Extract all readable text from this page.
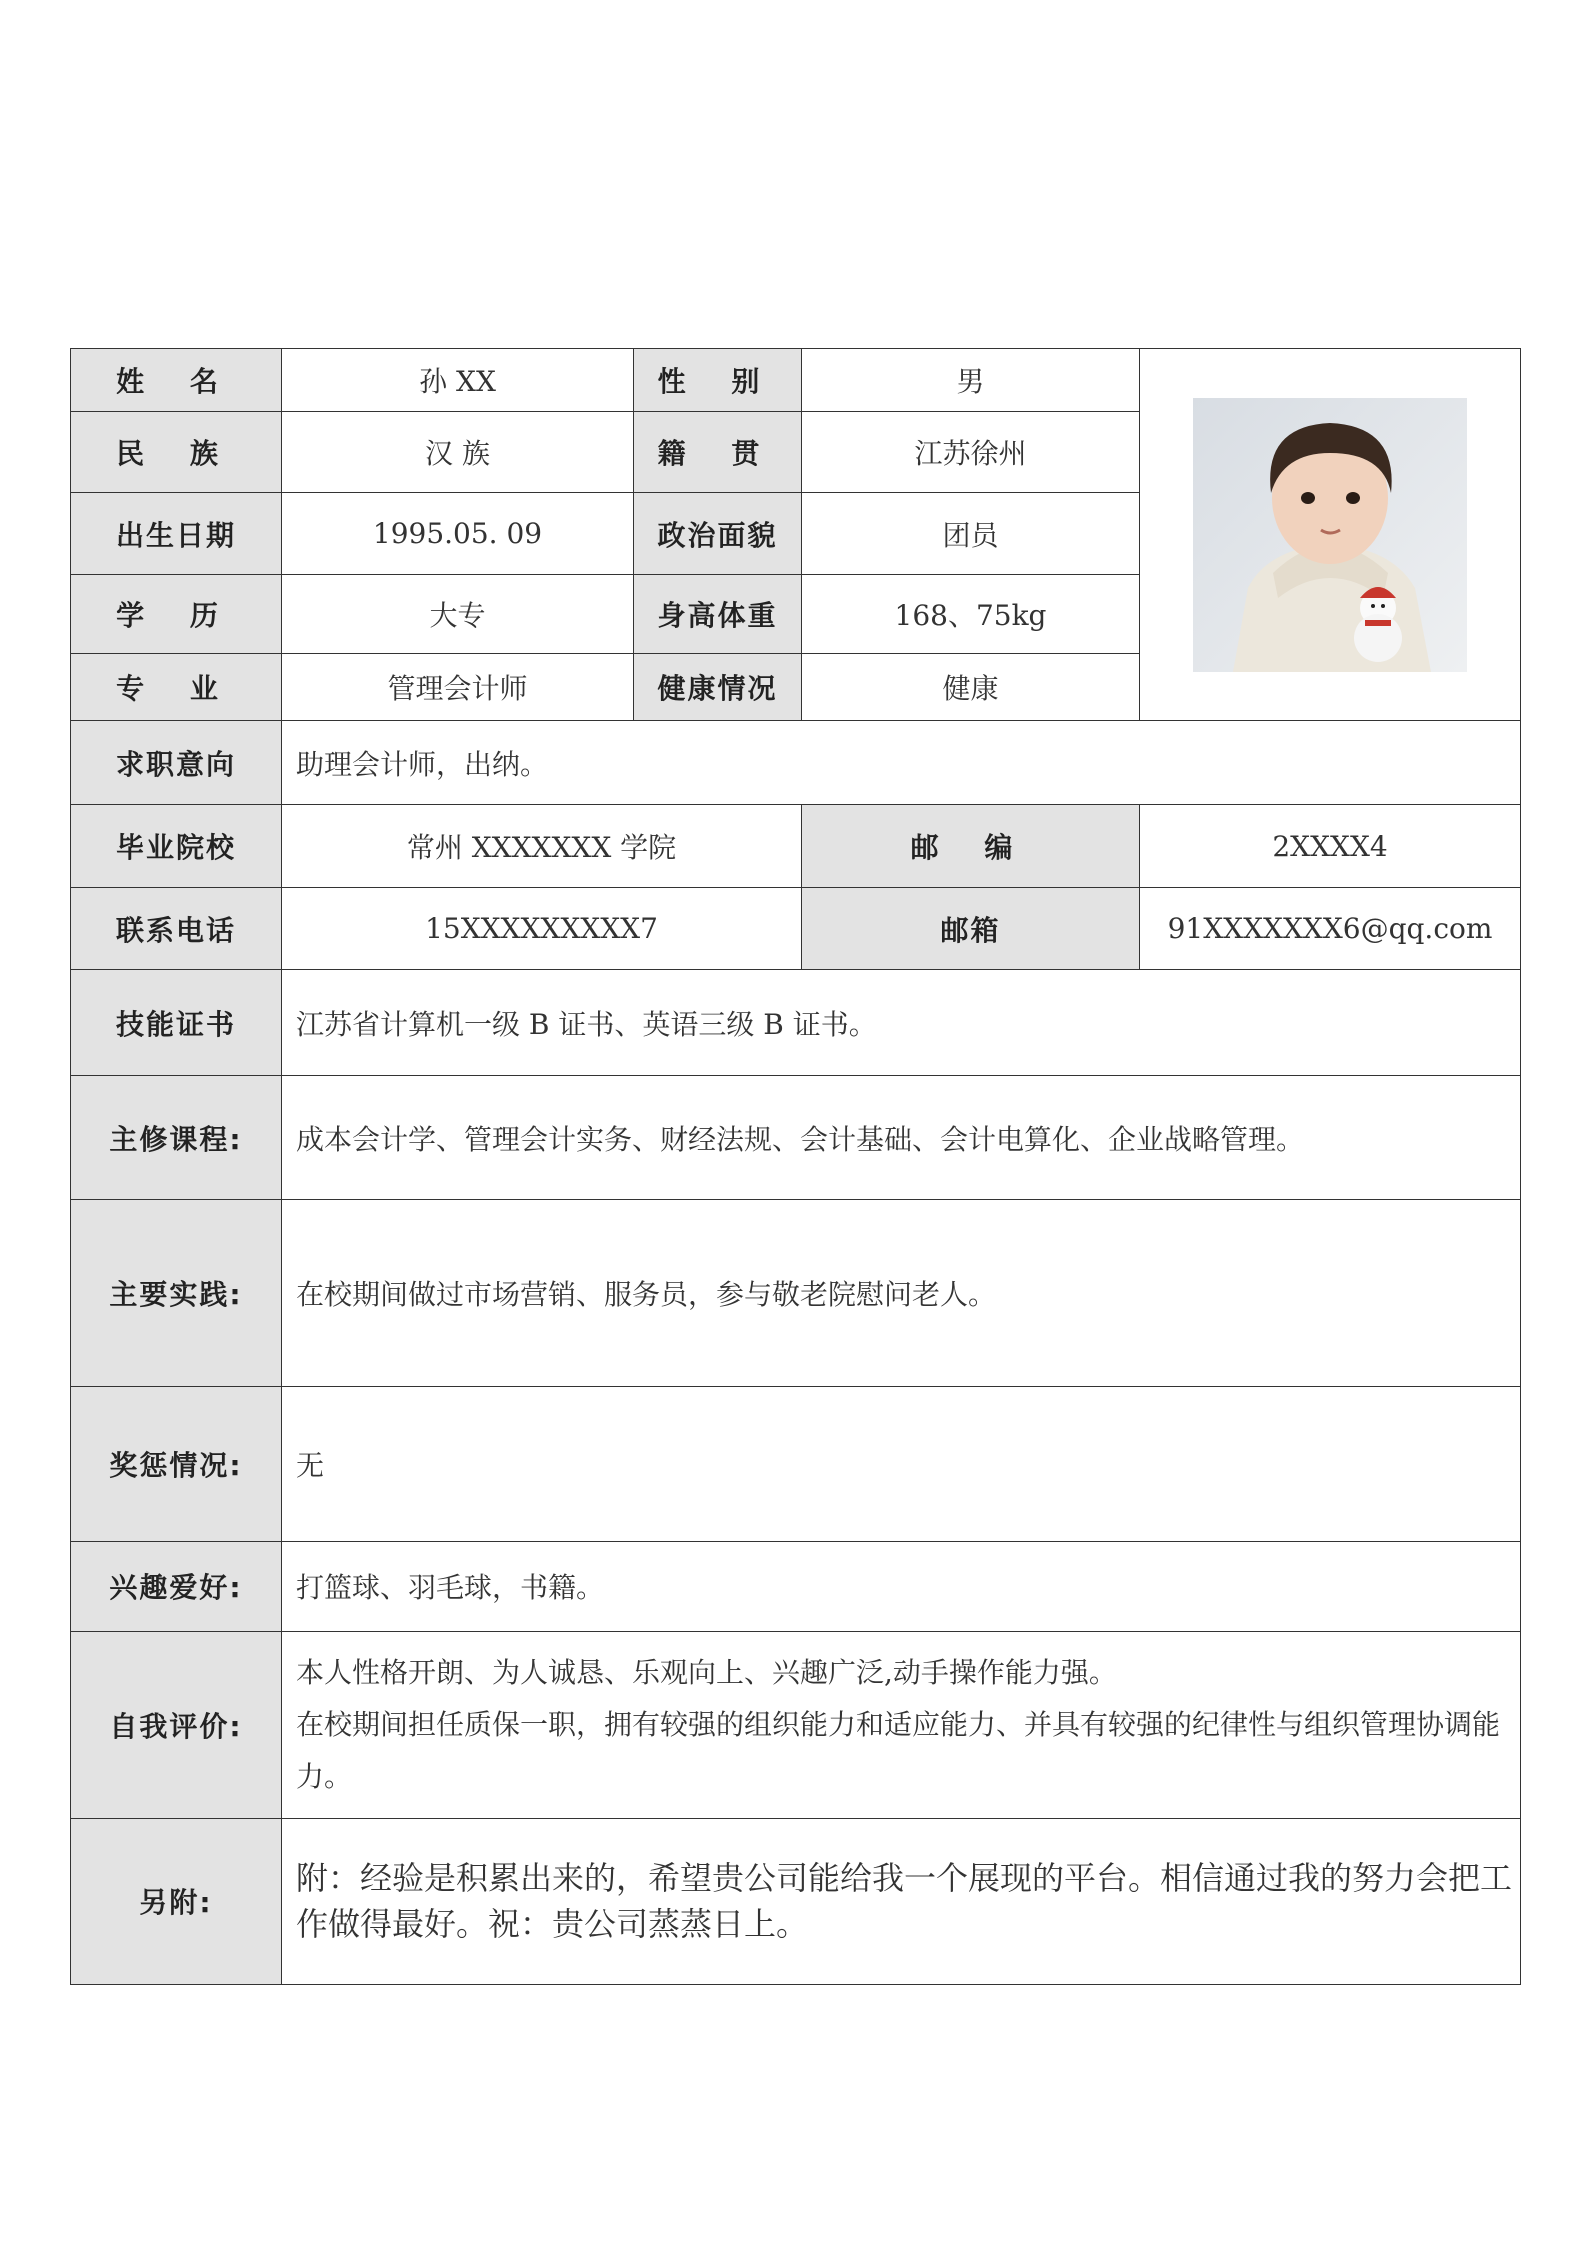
姓 名	孙 XX	性 别	男	

民 族	汉 族	籍 贯	江苏徐州	
出生日期	1995.05. 09	政治面貌	团员	
学 历	大专	身高体重	168、75kg	
专 业	管理会计师	健康情况	健康	
求职意向	助理会计师，出纳。			
毕业院校	常州 XXXXXXX 学院		邮 编	2XXXX4
联系电话	15XXXXXXXXX7		邮箱	91XXXXXXX6@qq.com
技能证书	江苏省计算机一级 B 证书、英语三级 B 证书。			
主修课程:	成本会计学、管理会计实务、财经法规、会计基础、会计电算化、企业战略管理。			
主要实践:	在校期间做过市场营销、服务员，参与敬老院慰问老人。			
奖惩情况:	无			
兴趣爱好:	打篮球、羽毛球，书籍。			
自我评价:	本人性格开朗、为人诚恳、乐观向上、兴趣广泛,动手操作能力强。
在校期间担任质保一职，拥有较强的组织能力和适应能力、并具有较强的纪律性与组织管理协调能
力。			

另附:	附：经验是积累出来的，希望贵公司能给我一个展现的平台。相信通过我的努力会把工
作做得最好。祝：贵公司蒸蒸日上。			
